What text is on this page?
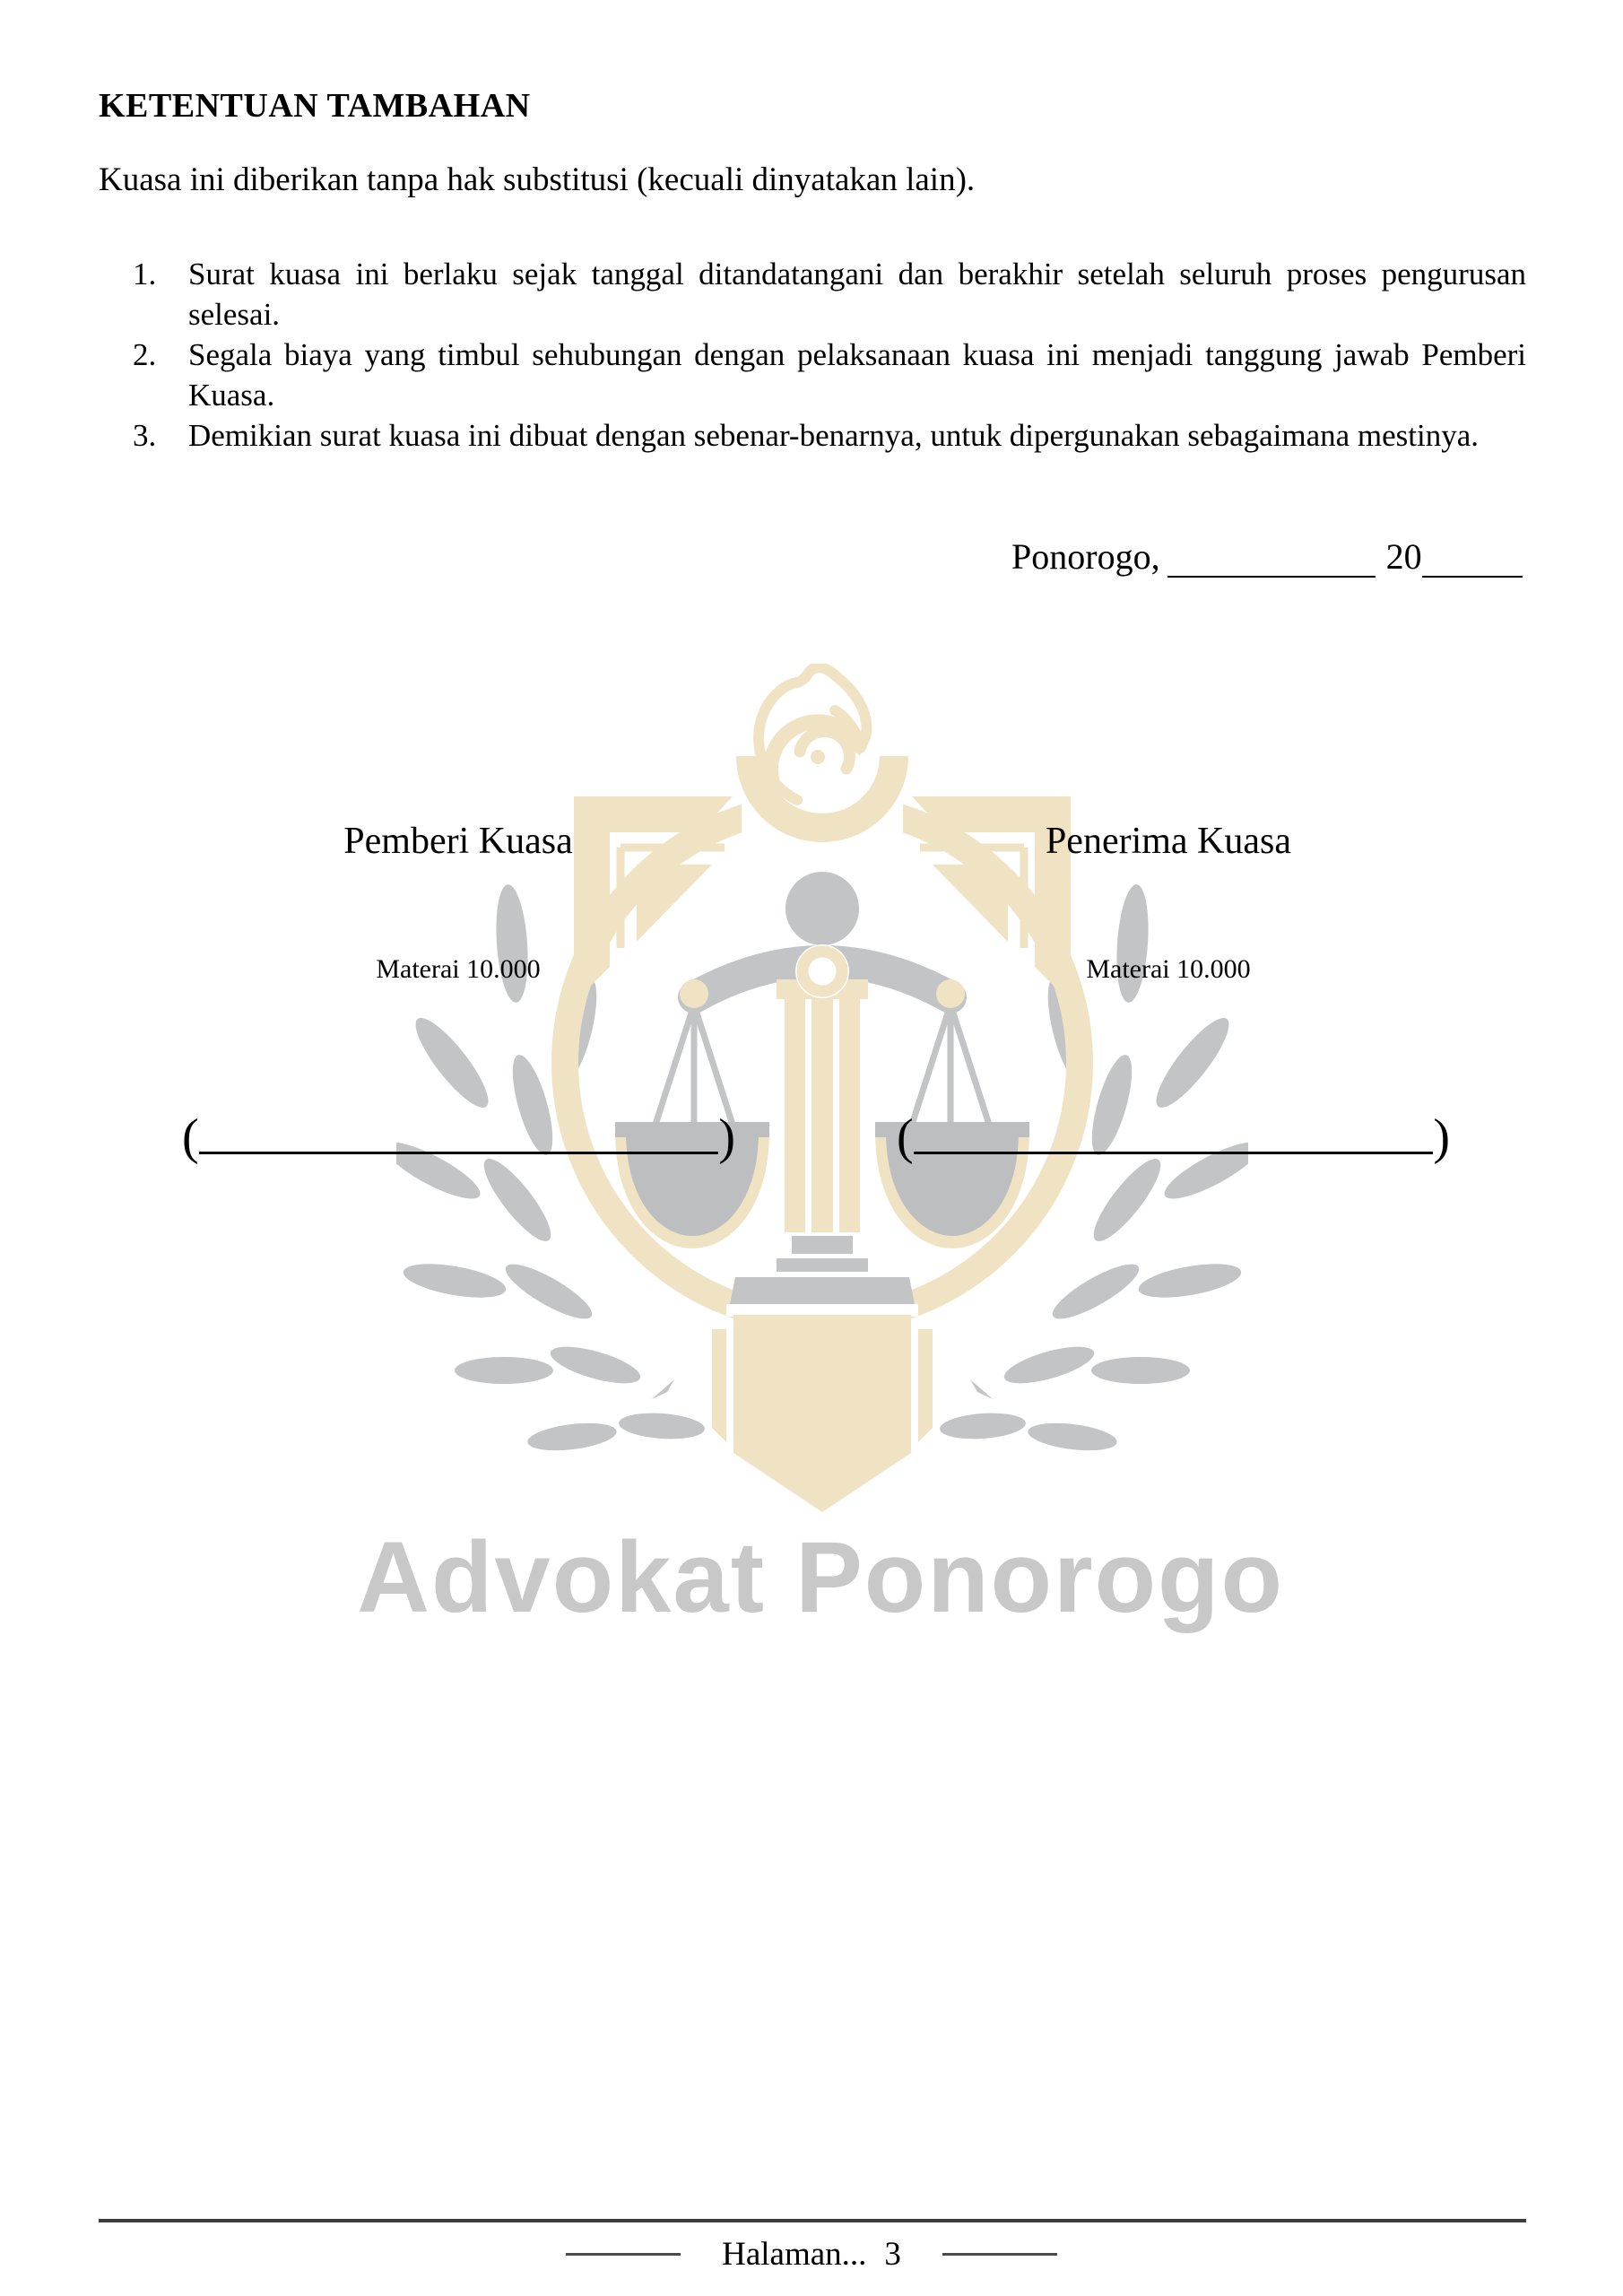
Advokat Ponorogo
KETENTUAN TAMBAHAN
Kuasa ini diberikan tanpa hak substitusi (kecuali dinyatakan lain).
1. Surat kuasa ini berlaku sejak tanggal ditandatangani dan berakhir setelah seluruh proses pengurusan selesai.
2. Segala biaya yang timbul sehubungan dengan pelaksanaan kuasa ini menjadi tanggung jawab Pemberi Kuasa.
3. Demikian surat kuasa ini dibuat dengan sebenar-benarnya, untuk dipergunakan sebagaimana mestinya.
Ponorogo,	20
Pemberi Kuasa	Penerima Kuasa
Materai 10.000	Materai 10.000
(	)	(	)
Halaman... 3
